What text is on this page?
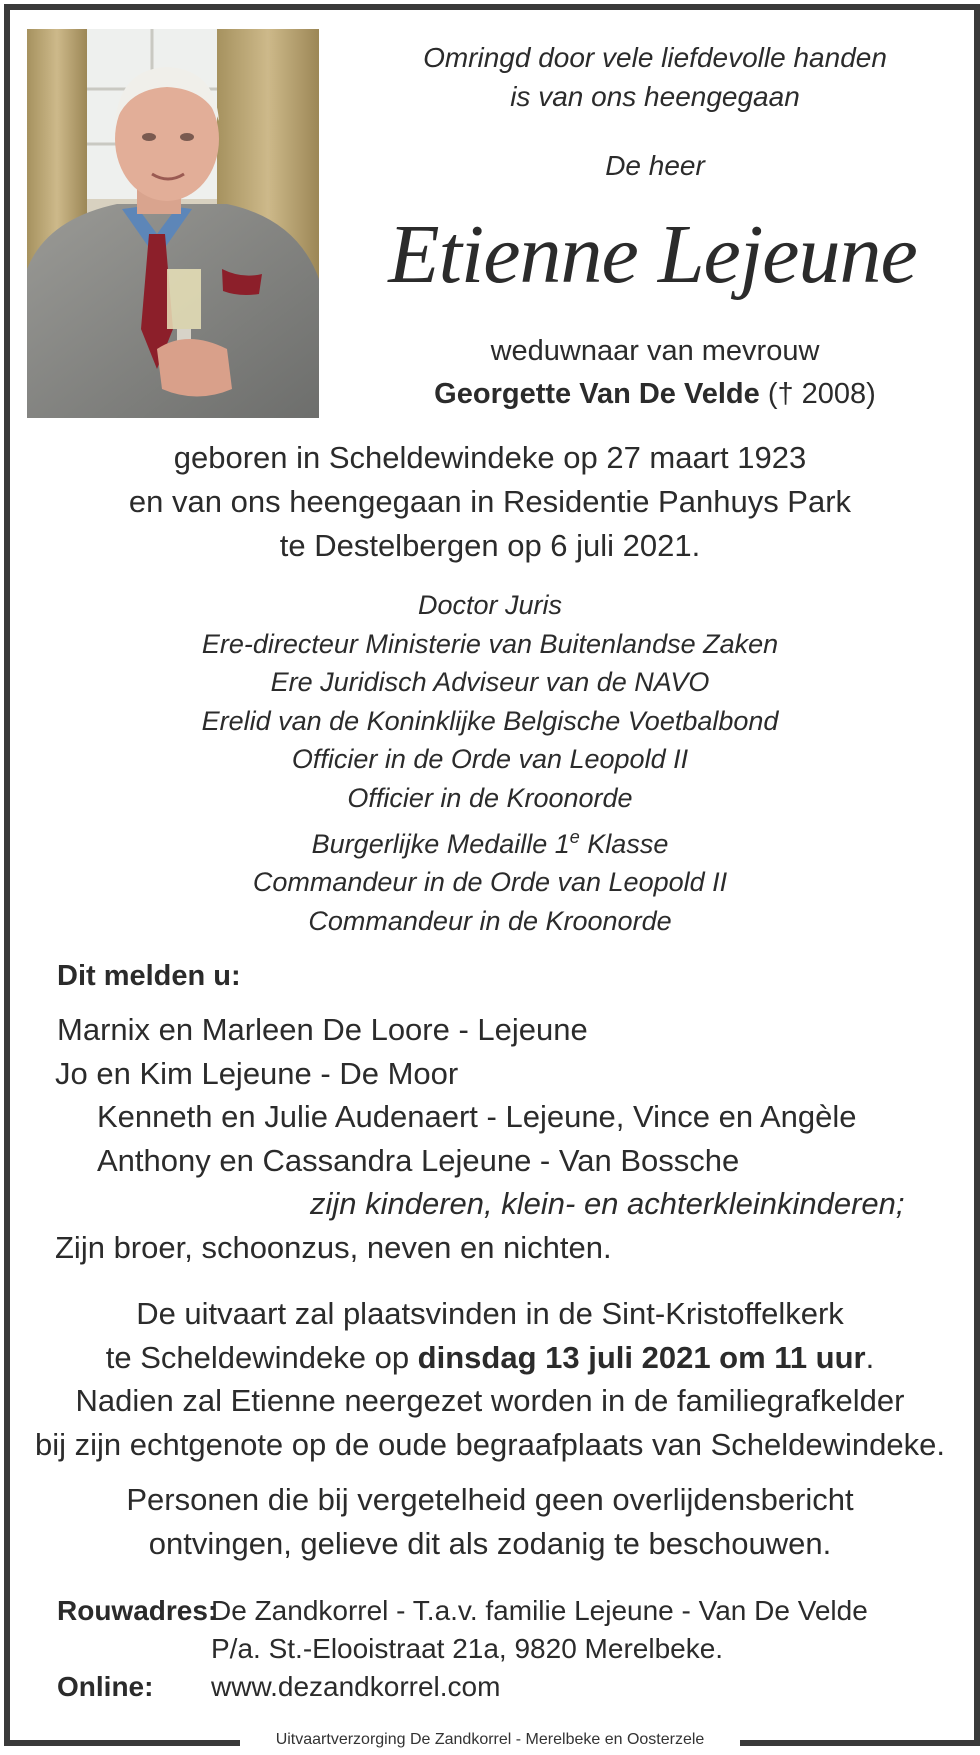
Omringd door vele liefdevolle handen
is van ons heengegaan
De heer
Etienne Lejeune
weduwnaar van mevrouw
Georgette Van De Velde († 2008)
geboren in Scheldewindeke op 27 maart 1923
en van ons heengegaan in Residentie Panhuys Park
te Destelbergen op 6 juli 2021.
Doctor Juris
Ere-directeur Ministerie van Buitenlandse Zaken
Ere Juridisch Adviseur van de NAVO
Erelid van de Koninklijke Belgische Voetbalbond
Officier in de Orde van Leopold II
Officier in de Kroonorde
Burgerlijke Medaille 1e Klasse
Commandeur in de Orde van Leopold II
Commandeur in de Kroonorde
Dit melden u:
Marnix en Marleen De Loore - Lejeune
Jo en Kim Lejeune - De Moor
Kenneth en Julie Audenaert - Lejeune, Vince en Angèle
Anthony en Cassandra Lejeune - Van Bossche
zijn kinderen, klein- en achterkleinkinderen;
Zijn broer, schoonzus, neven en nichten.
De uitvaart zal plaatsvinden in de Sint-Kristoffelkerk
te Scheldewindeke op dinsdag 13 juli 2021 om 11 uur.
Nadien zal Etienne neergezet worden in de familiegrafkelder
bij zijn echtgenote op de oude begraafplaats van Scheldewindeke.
Personen die bij vergetelheid geen overlijdensbericht
ontvingen, gelieve dit als zodanig te beschouwen.
Rouwadres:
De Zandkorrel - T.a.v. familie Lejeune - Van De Velde
P/a. St.-Elooistraat 21a, 9820 Merelbeke.
Online: www.dezandkorrel.com
Uitvaartverzorging De Zandkorrel - Merelbeke en Oosterzele
